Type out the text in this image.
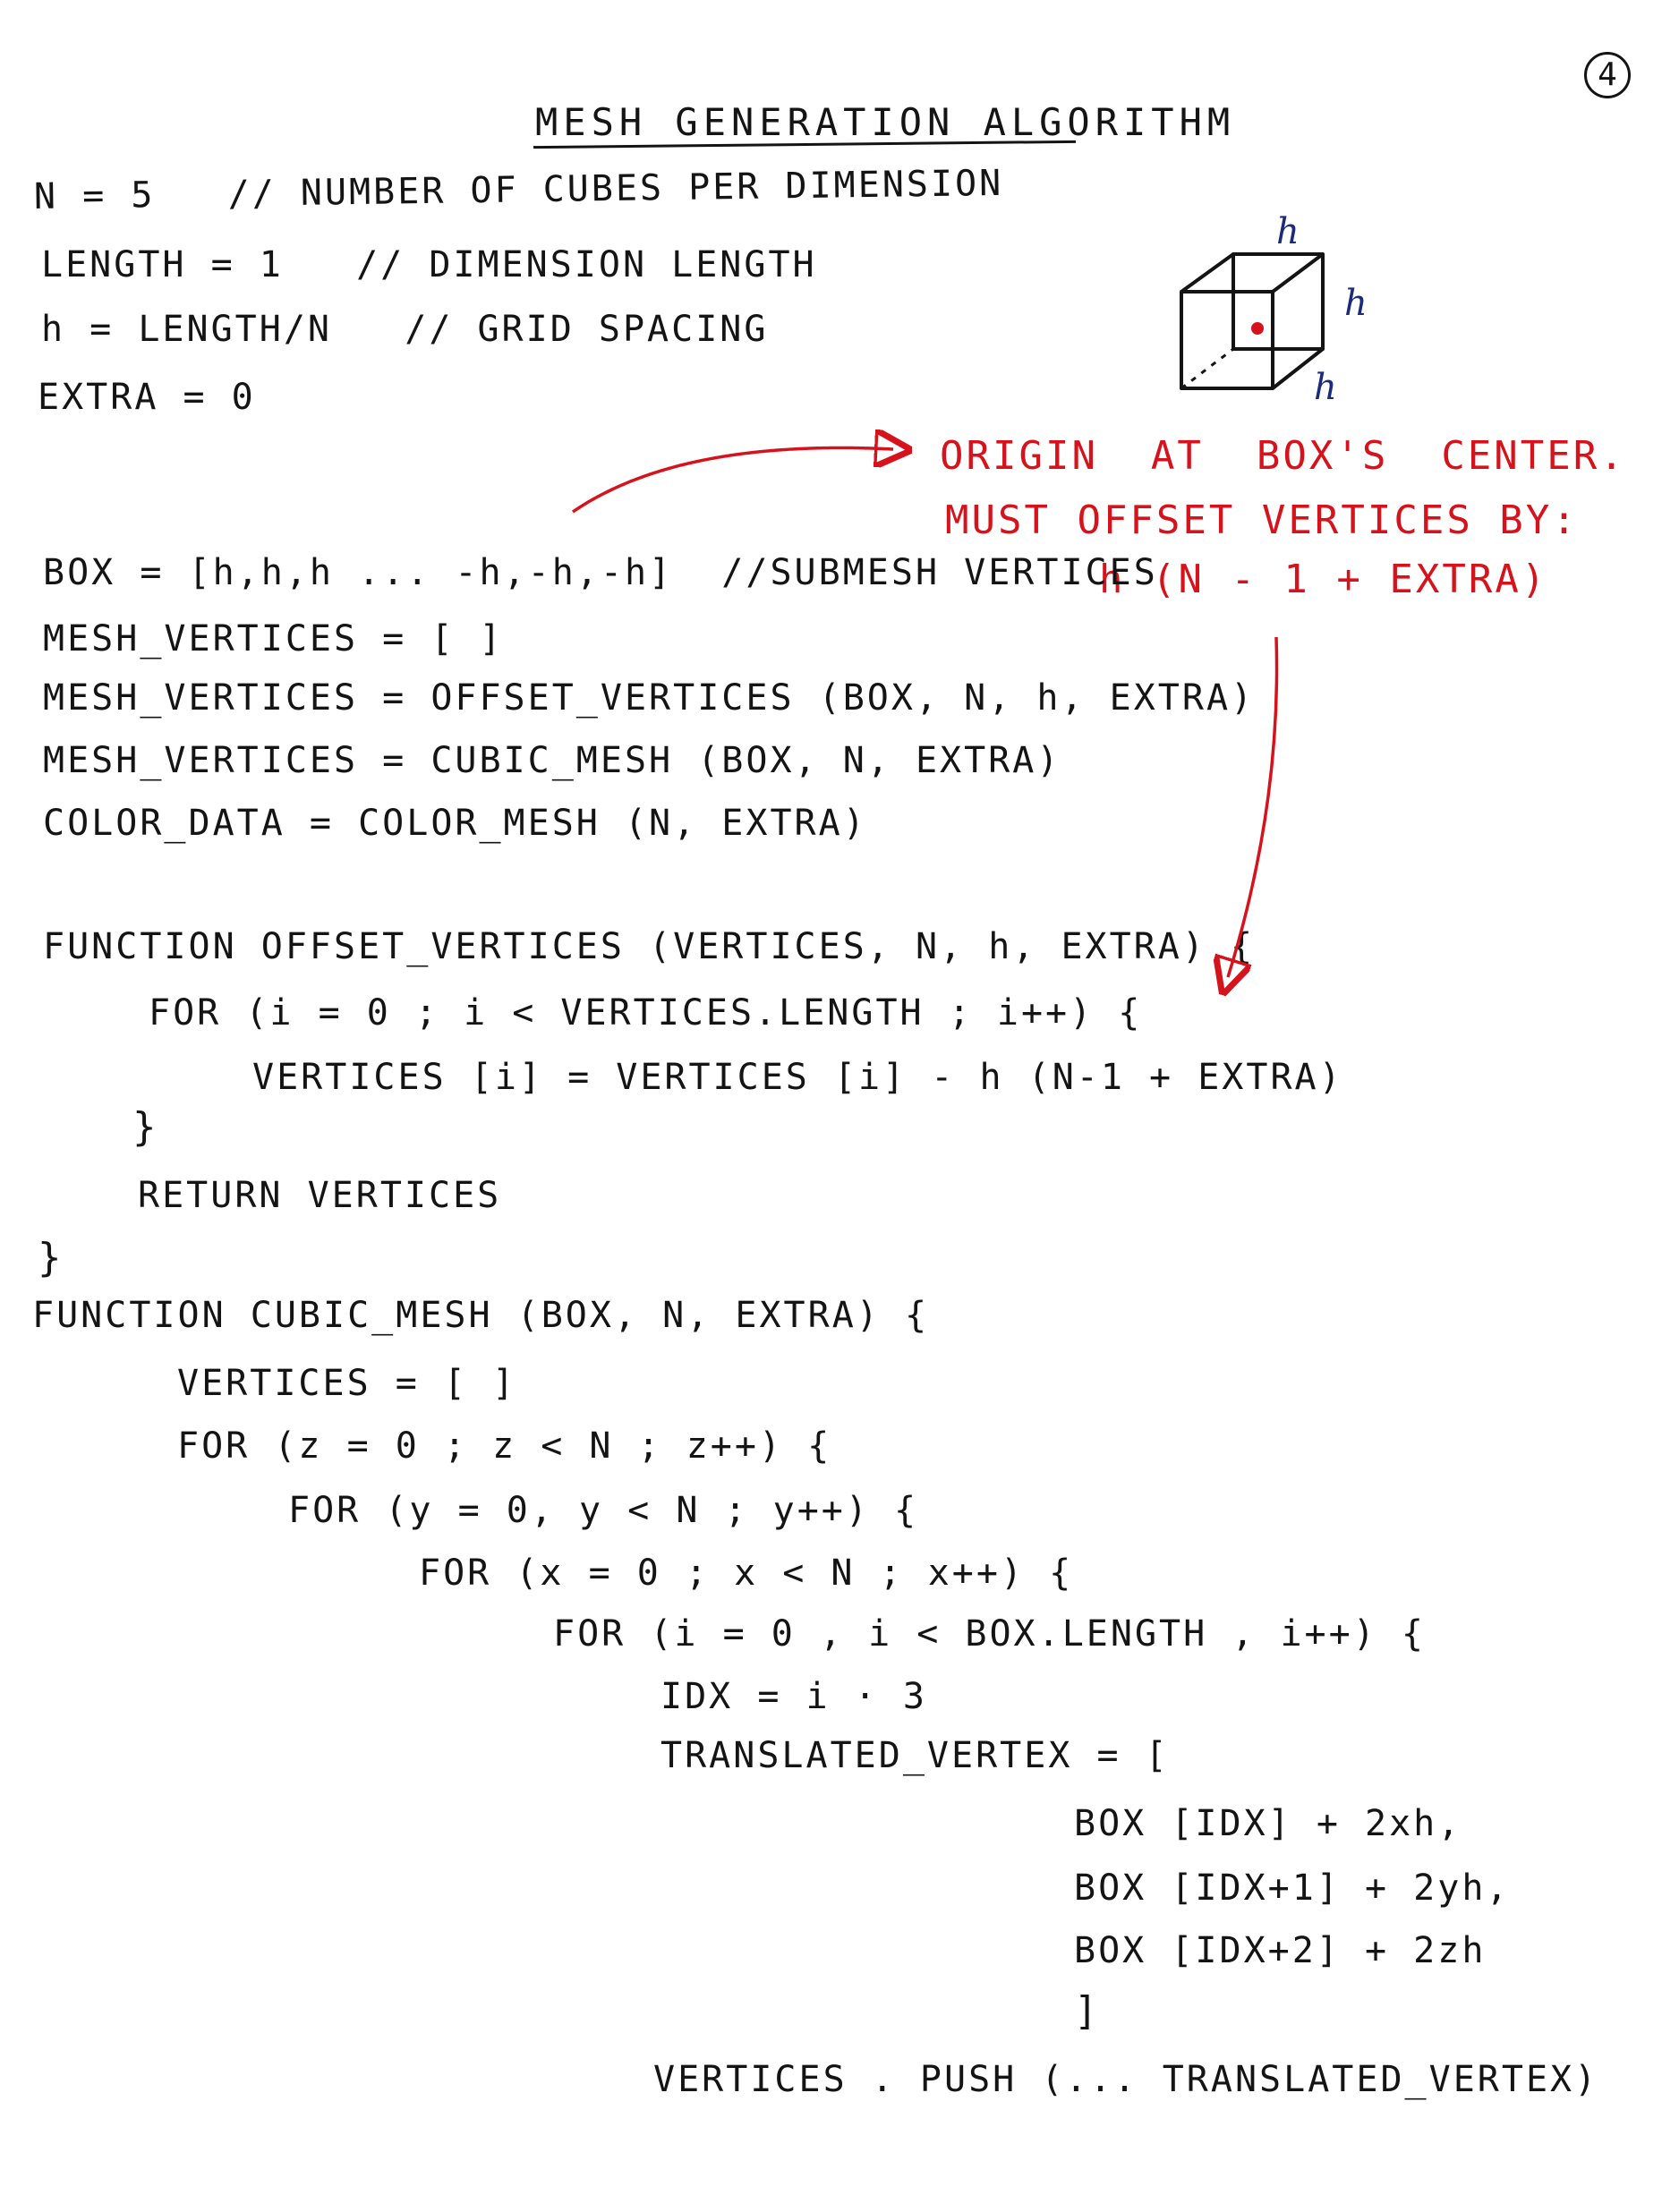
4
MESH GENERATION ALGORITHM
N = 5   // NUMBER OF CUBES PER DIMENSION
LENGTH = 1   // DIMENSION LENGTH
h = LENGTH/N   // GRID SPACING
EXTRA = 0
ORIGIN  AT  BOX'S  CENTER.
MUST OFFSET VERTICES BY:
h (N - 1 + EXTRA)
BOX = [h,h,h ... -h,-h,-h]  //SUBMESH VERTICES
MESH_VERTICES = [ ]
MESH_VERTICES = OFFSET_VERTICES (BOX, N, h, EXTRA)
MESH_VERTICES = CUBIC_MESH (BOX, N, EXTRA)
COLOR_DATA = COLOR_MESH (N, EXTRA)
FUNCTION OFFSET_VERTICES (VERTICES, N, h, EXTRA) {
FOR (i = 0 ; i < VERTICES.LENGTH ; i++) {
VERTICES [i] = VERTICES [i] - h (N-1 + EXTRA)
}
RETURN VERTICES
}
FUNCTION CUBIC_MESH (BOX, N, EXTRA) {
VERTICES = [ ]
FOR (z = 0 ; z < N ; z++) {
FOR (y = 0, y < N ; y++) {
FOR (x = 0 ; x < N ; x++) {
FOR (i = 0 , i < BOX.LENGTH , i++) {
IDX = i · 3
TRANSLATED_VERTEX = [
BOX [IDX] + 2xh,
BOX [IDX+1] + 2yh,
BOX [IDX+2] + 2zh
]
VERTICES . PUSH (... TRANSLATED_VERTEX)
h
h
h
